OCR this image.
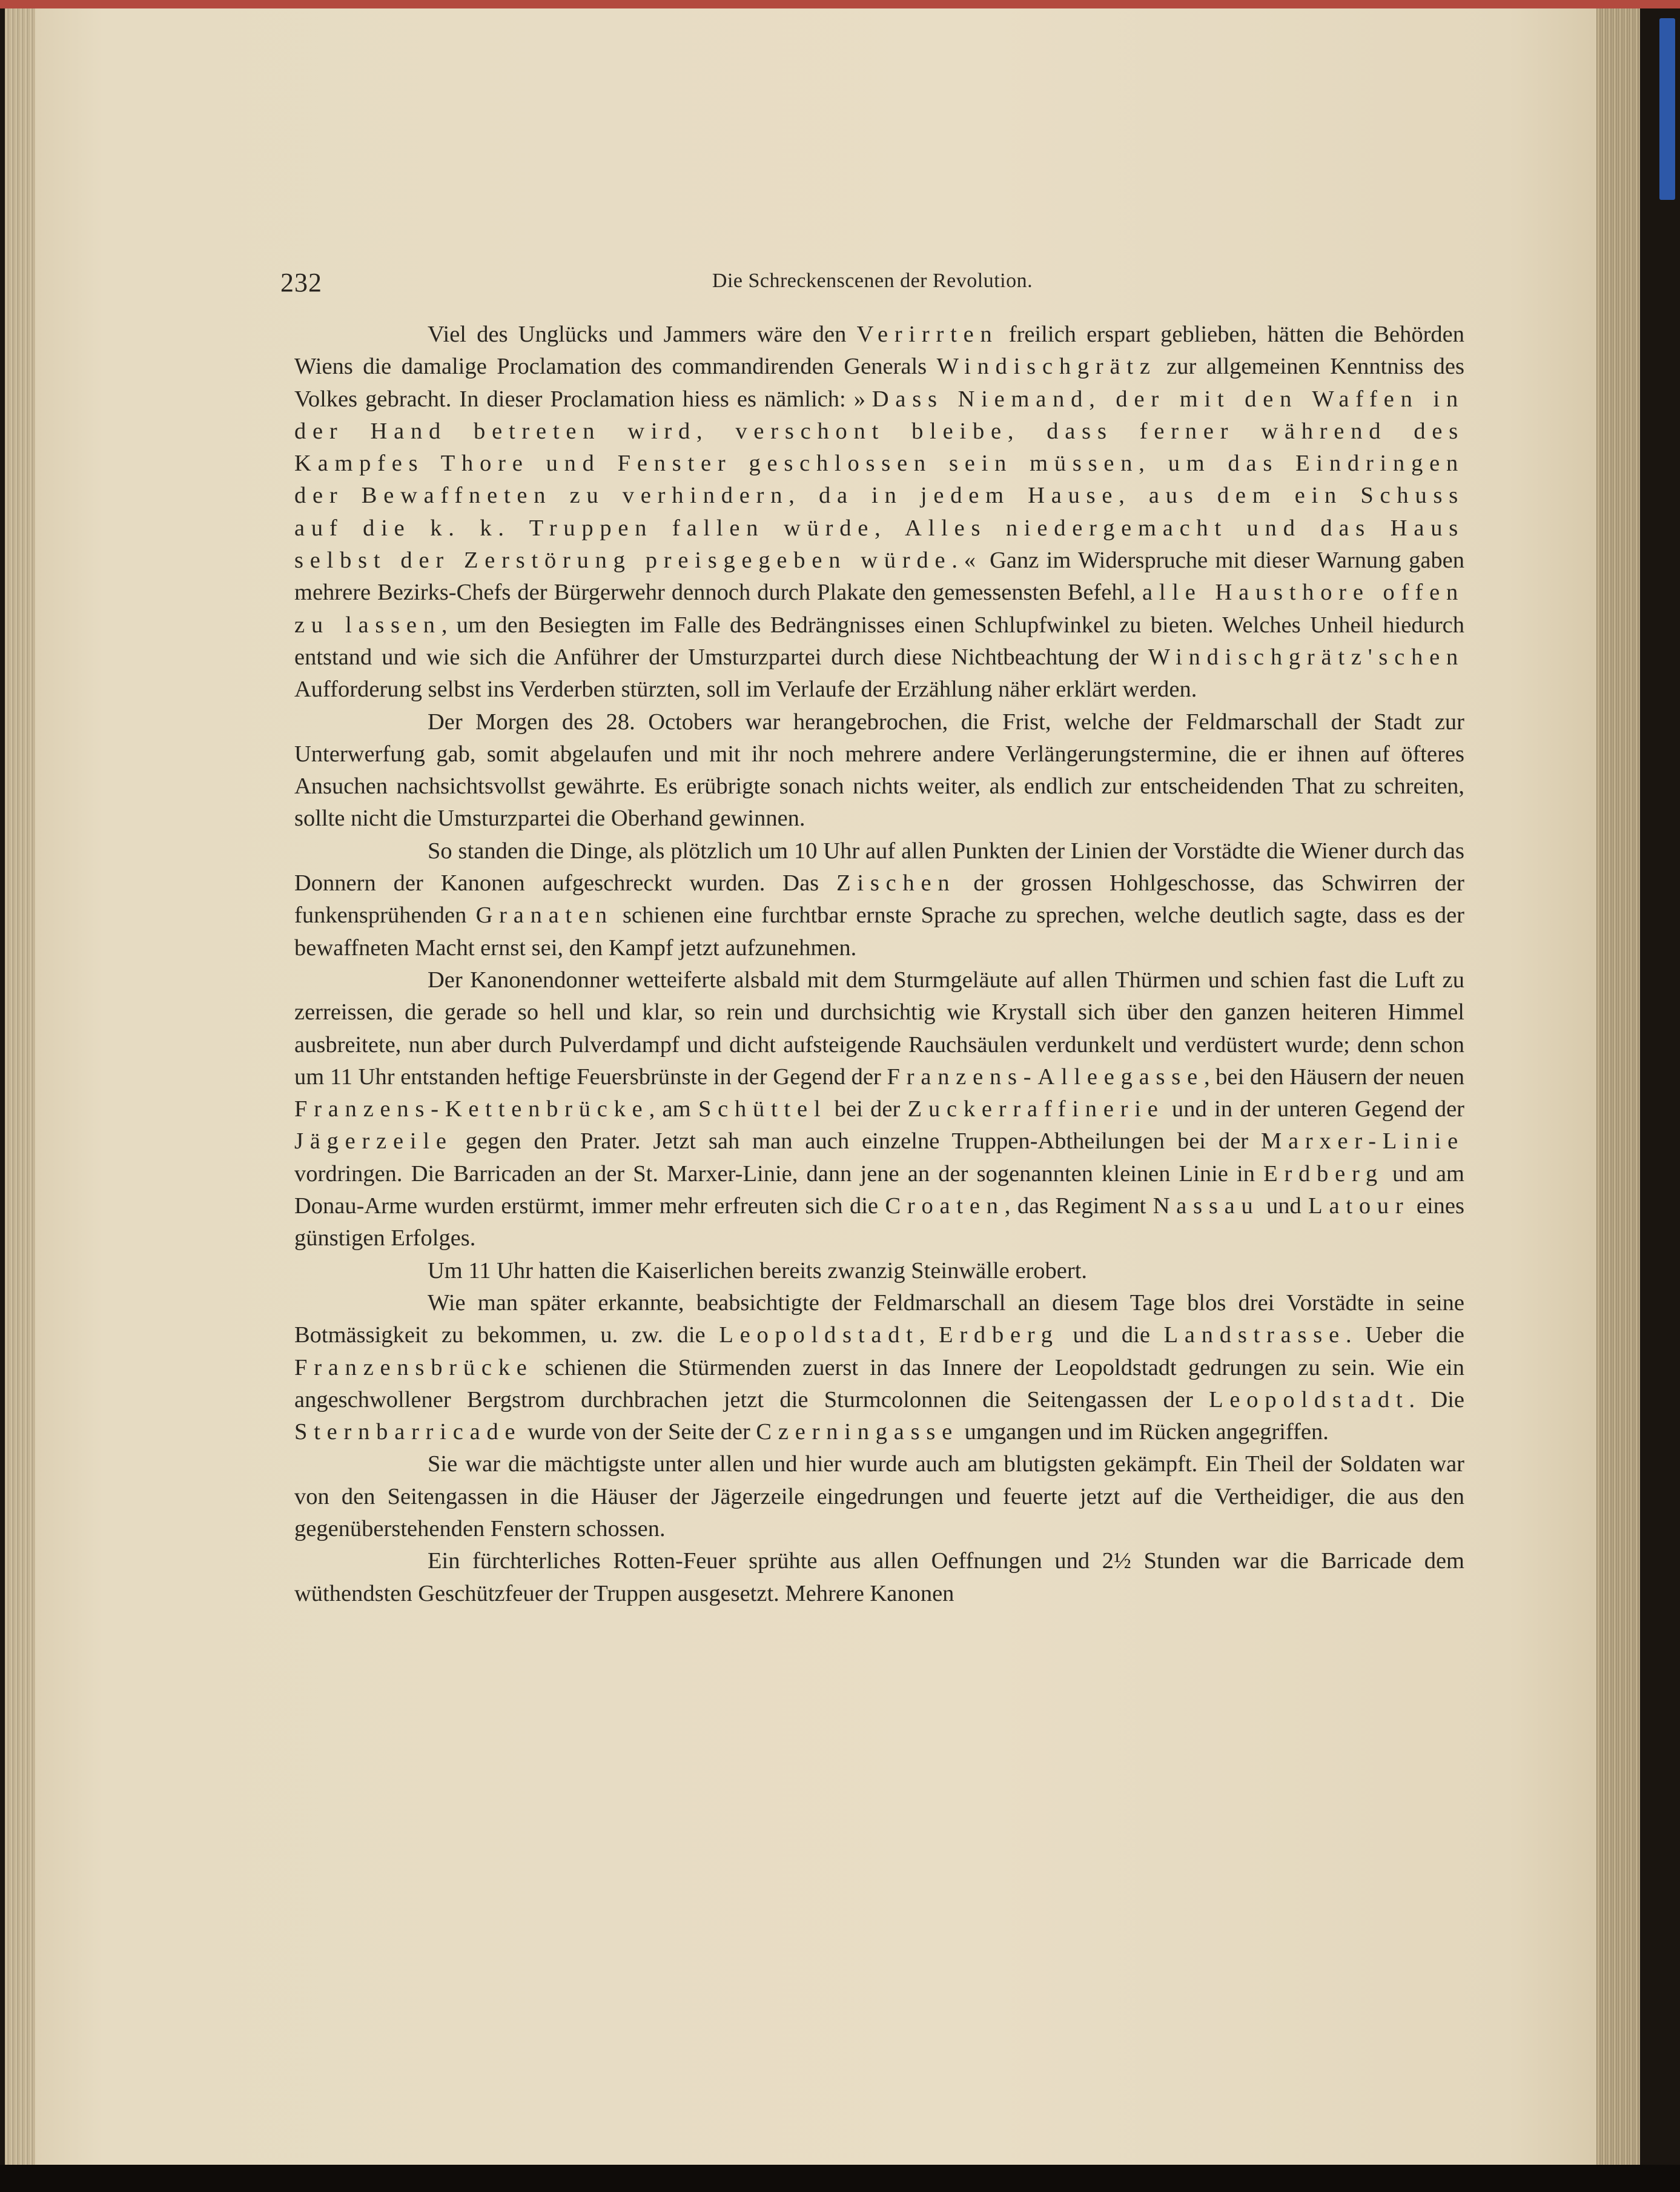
232	Die Schreckenscenen der Revolution.

Viel des Unglücks und Jammers wäre den Verirrten freilich erspart geblieben, hätten die Behörden Wiens die damalige Proclamation des commandirenden Generals Windischgrätz zur allgemeinen Kenntniss des Volkes gebracht. In dieser Proclamation hiess es nämlich: »Dass Niemand, der mit den Waffen in der Hand betreten wird, verschont bleibe, dass ferner während des Kampfes Thore und Fenster geschlossen sein müssen, um das Eindringen der Bewaffneten zu verhindern, da in jedem Hause, aus dem ein Schuss auf die k. k. Truppen fallen würde, Alles niedergemacht und das Haus selbst der Zerstörung preisgegeben würde.« Ganz im Widerspruche mit dieser Warnung gaben mehrere Bezirks-Chefs der Bürgerwehr dennoch durch Plakate den gemessensten Befehl, alle Hausthore offen zu lassen, um den Besiegten im Falle des Bedrängnisses einen Schlupfwinkel zu bieten. Welches Unheil hiedurch entstand und wie sich die Anführer der Umsturzpartei durch diese Nichtbeachtung der Windischgrätz'schen Aufforderung selbst ins Verderben stürzten, soll im Verlaufe der Erzählung näher erklärt werden.

Der Morgen des 28. Octobers war herangebrochen, die Frist, welche der Feldmarschall der Stadt zur Unterwerfung gab, somit abgelaufen und mit ihr noch mehrere andere Verlängerungstermine, die er ihnen auf öfteres Ansuchen nachsichtsvollst gewährte. Es erübrigte sonach nichts weiter, als endlich zur entscheidenden That zu schreiten, sollte nicht die Umsturzpartei die Oberhand gewinnen.

So standen die Dinge, als plötzlich um 10 Uhr auf allen Punkten der Linien der Vorstädte die Wiener durch das Donnern der Kanonen aufgeschreckt wurden. Das Zischen der grossen Hohlgeschosse, das Schwirren der funkensprühenden Granaten schienen eine furchtbar ernste Sprache zu sprechen, welche deutlich sagte, dass es der bewaffneten Macht ernst sei, den Kampf jetzt aufzunehmen.

Der Kanonendonner wetteiferte alsbald mit dem Sturmgeläute auf allen Thürmen und schien fast die Luft zu zerreissen, die gerade so hell und klar, so rein und durchsichtig wie Krystall sich über den ganzen heiteren Himmel ausbreitete, nun aber durch Pulverdampf und dicht aufsteigende Rauchsäulen verdunkelt und verdüstert wurde; denn schon um 11 Uhr entstanden heftige Feuersbrünste in der Gegend der Franzens-Alleegasse, bei den Häusern der neuen Franzens-Kettenbrücke, am Schüttel bei der Zuckerraffinerie und in der unteren Gegend der Jägerzeile gegen den Prater. Jetzt sah man auch einzelne Truppen-Abtheilungen bei der Marxer-Linie vordringen. Die Barricaden an der St. Marxer-Linie, dann jene an der sogenannten kleinen Linie in Erdberg und am Donau-Arme wurden erstürmt, immer mehr erfreuten sich die Croaten, das Regiment Nassau und Latour eines günstigen Erfolges.

Um 11 Uhr hatten die Kaiserlichen bereits zwanzig Steinwälle erobert.

Wie man später erkannte, beabsichtigte der Feldmarschall an diesem Tage blos drei Vorstädte in seine Botmässigkeit zu bekommen, u. zw. die Leopoldstadt, Erdberg und die Landstrasse. Ueber die Franzensbrücke schienen die Stürmenden zuerst in das Innere der Leopoldstadt gedrungen zu sein. Wie ein angeschwollener Bergstrom durchbrachen jetzt die Sturmcolonnen die Seitengassen der Leopoldstadt. Die Sternbarricade wurde von der Seite der Czerningasse umgangen und im Rücken angegriffen.

Sie war die mächtigste unter allen und hier wurde auch am blutigsten gekämpft. Ein Theil der Soldaten war von den Seitengassen in die Häuser der Jägerzeile eingedrungen und feuerte jetzt auf die Vertheidiger, die aus den gegenüberstehenden Fenstern schossen.

Ein fürchterliches Rotten-Feuer sprühte aus allen Oeffnungen und 2½ Stunden war die Barricade dem wüthendsten Geschützfeuer der Truppen ausgesetzt. Mehrere Kanonen
